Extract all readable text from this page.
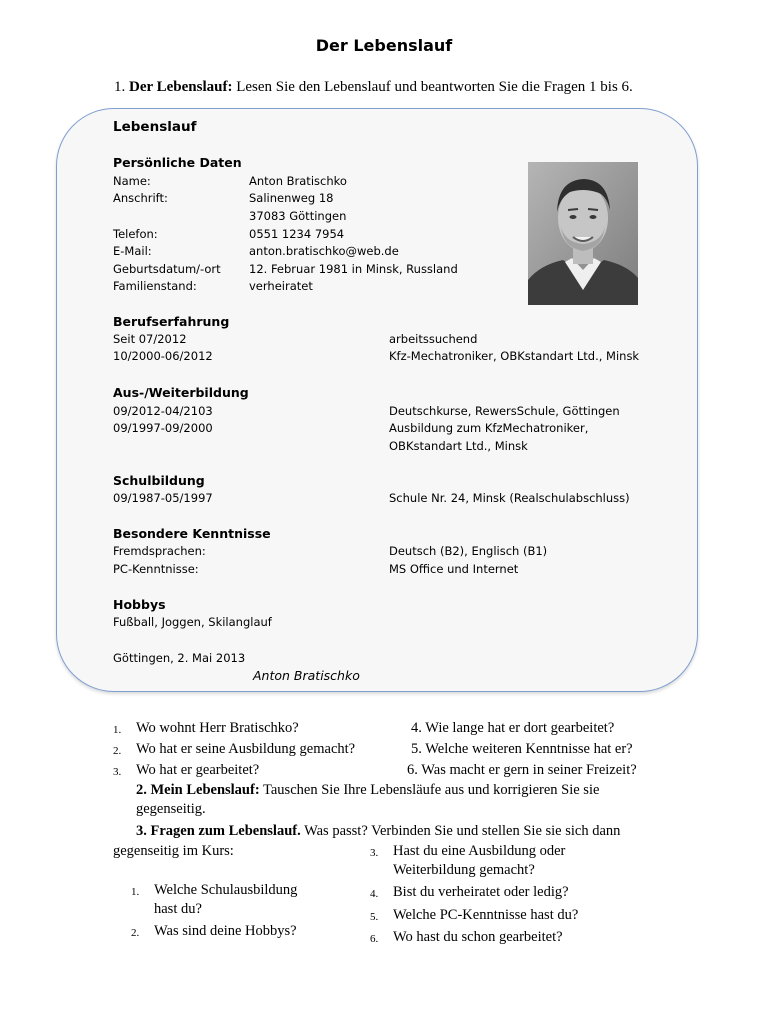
Der Lebenslauf
1. Der Lebenslauf: Lesen Sie den Lebenslauf und beantworten Sie die Fragen 1 bis 6.
Lebenslauf
Persönliche Daten
Name:	Anton Bratischko
Anschrift:	Salinenweg 18
37083 Göttingen
Telefon:	0551 1234 7954
E-Mail:	anton.bratischko@web.de
Geburtsdatum/-ort 12. Februar 1981 in Minsk, Russland
Familienstand:	verheiratet
Berufserfahrung
Seit 07/2012	arbeitssuchend
10/2000-06/2012	Kfz-Mechatroniker, OBKstandart Ltd., Minsk
Aus-/Weiterbildung
09/2012-04/2103	Deutschkurse, RewersSchule, Göttingen
09/1997-09/2000	Ausbildung zum KfzMechatroniker,
OBKstandart Ltd., Minsk
Schulbildung
09/1987-05/1997	Schule Nr. 24, Minsk (Realschulabschluss)
Besondere Kenntnisse
Fremdsprachen:	Deutsch (B2), Englisch (B1)
PC-Kenntnisse:	MS Office und Internet
Hobbys
Fußball, Joggen, Skilanglauf
Göttingen, 2. Mai 2013
Anton Bratischko
1. Wo wohnt Herr Bratischko?
2. Wo hat er seine Ausbildung gemacht?
3. Wo hat er gearbeitet?
4. Wie lange hat er dort gearbeitet?
5. Welche weiteren Kenntnisse hat er?
6. Was macht er gern in seiner Freizeit?
2. Mein Lebenslauf: Tauschen Sie Ihre Lebensläufe aus und korrigieren Sie sie
gegenseitig.
3. Fragen zum Lebenslauf. Was passt? Verbinden Sie und stellen Sie sie sich dann
gegenseitig im Kurs:
1. Welche Schulausbildung
hast du?
2. Was sind deine Hobbys?
3. Hast du eine Ausbildung oder
Weiterbildung gemacht?
4. Bist du verheiratet oder ledig?
5. Welche PC-Kenntnisse hast du?
6. Wo hast du schon gearbeitet?
